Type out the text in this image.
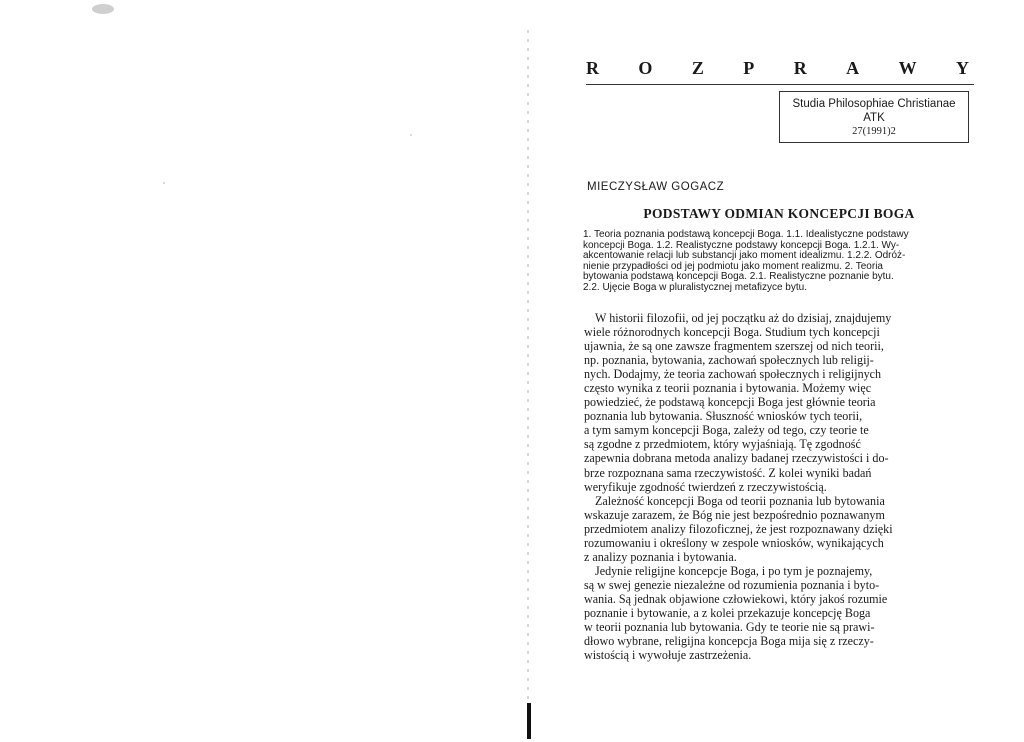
R O Z P R A W Y
Studia Philosophiae Christianae
ATK
27(1991)2
MIECZYSŁAW GOGACZ
PODSTAWY ODMIAN KONCEPCJI BOGA
1. Teoria poznania podstawą koncepcji Boga. 1.1. Idealistyczne podstawy
koncepcji Boga. 1.2. Realistyczne podstawy koncepcji Boga. 1.2.1. Wy-
akcentowanie relacji lub substancji jako moment idealizmu. 1.2.2. Odróż-
nienie przypadłości od jej podmiotu jako moment realizmu. 2. Teoria
bytowania podstawą koncepcji Boga. 2.1. Realistyczne poznanie bytu.
2.2. Ujęcie Boga w pluralistycznej metafizyce bytu.
W historii filozofii, od jej początku aż do dzisiaj, znajdujemy
wiele różnorodnych koncepcji Boga. Studium tych koncepcji
ujawnia, że są one zawsze fragmentem szerszej od nich teorii,
np. poznania, bytowania, zachowań społecznych lub religij-
nych. Dodajmy, że teoria zachowań społecznych i religijnych
często wynika z teorii poznania i bytowania. Możemy więc
powiedzieć, że podstawą koncepcji Boga jest głównie teoria
poznania lub bytowania. Słuszność wniosków tych teorii,
a tym samym koncepcji Boga, zależy od tego, czy teorie te
są zgodne z przedmiotem, który wyjaśniają. Tę zgodność
zapewnia dobrana metoda analizy badanej rzeczywistości i do-
brze rozpoznana sama rzeczywistość. Z kolei wyniki badań
weryfikuje zgodność twierdzeń z rzeczywistością.
Zależność koncepcji Boga od teorii poznania lub bytowania
wskazuje zarazem, że Bóg nie jest bezpośrednio poznawanym
przedmiotem analizy filozoficznej, że jest rozpoznawany dzięki
rozumowaniu i określony w zespole wniosków, wynikających
z analizy poznania i bytowania.
Jedynie religijne koncepcje Boga, i po tym je poznajemy,
są w swej genezie niezależne od rozumienia poznania i byto-
wania. Są jednak objawione człowiekowi, który jakoś rozumie
poznanie i bytowanie, a z kolei przekazuje koncepcję Boga
w teorii poznania lub bytowania. Gdy te teorie nie są prawi-
dłowo wybrane, religijna koncepcja Boga mija się z rzeczy-
wistością i wywołuje zastrzeżenia.
